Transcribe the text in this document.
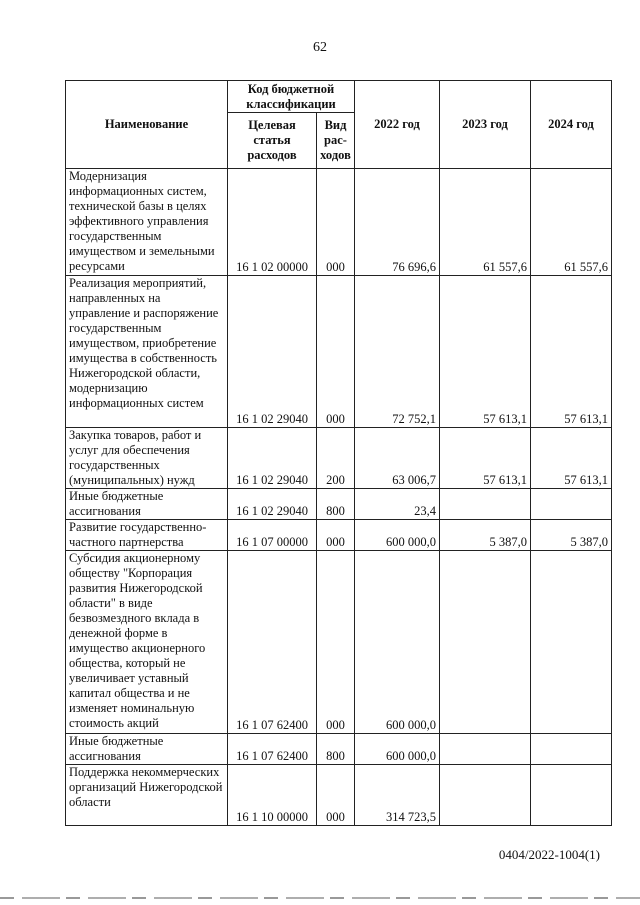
62
Наименование	Код бюджетной классификации		2022 год	2023 год	2024 год
	Целевая статья расходов	Вид рас-ходов			
Модернизация информационных систем, технической базы в целях эффективного управления государственным имуществом и земельными ресурсами	16 1 02 00000	000	76 696,6	61 557,6	61 557,6
Реализация мероприятий, направленных на управление и распоряжение государственным имуществом, приобретение имущества в собственность Нижегородской области, модернизацию информационных систем	16 1 02 29040	000	72 752,1	57 613,1	57 613,1
Закупка товаров, работ и услуг для обеспечения государственных (муниципальных) нужд	16 1 02 29040	200	63 006,7	57 613,1	57 613,1
Иные бюджетные ассигнования	16 1 02 29040	800	23,4		
Развитие государственно-частного партнерства	16 1 07 00000	000	600 000,0	5 387,0	5 387,0
Субсидия акционерному обществу "Корпорация развития Нижегородской области" в виде безвозмездного вклада в денежной форме в имущество акционерного общества, который не увеличивает уставный капитал общества и не изменяет номинальную стоимость акций	16 1 07 62400	000	600 000,0		
Иные бюджетные ассигнования	16 1 07 62400	800	600 000,0		
Поддержка некоммерческих организаций Нижегородской области	16 1 10 00000	000	314 723,5		
0404/2022-1004(1)
